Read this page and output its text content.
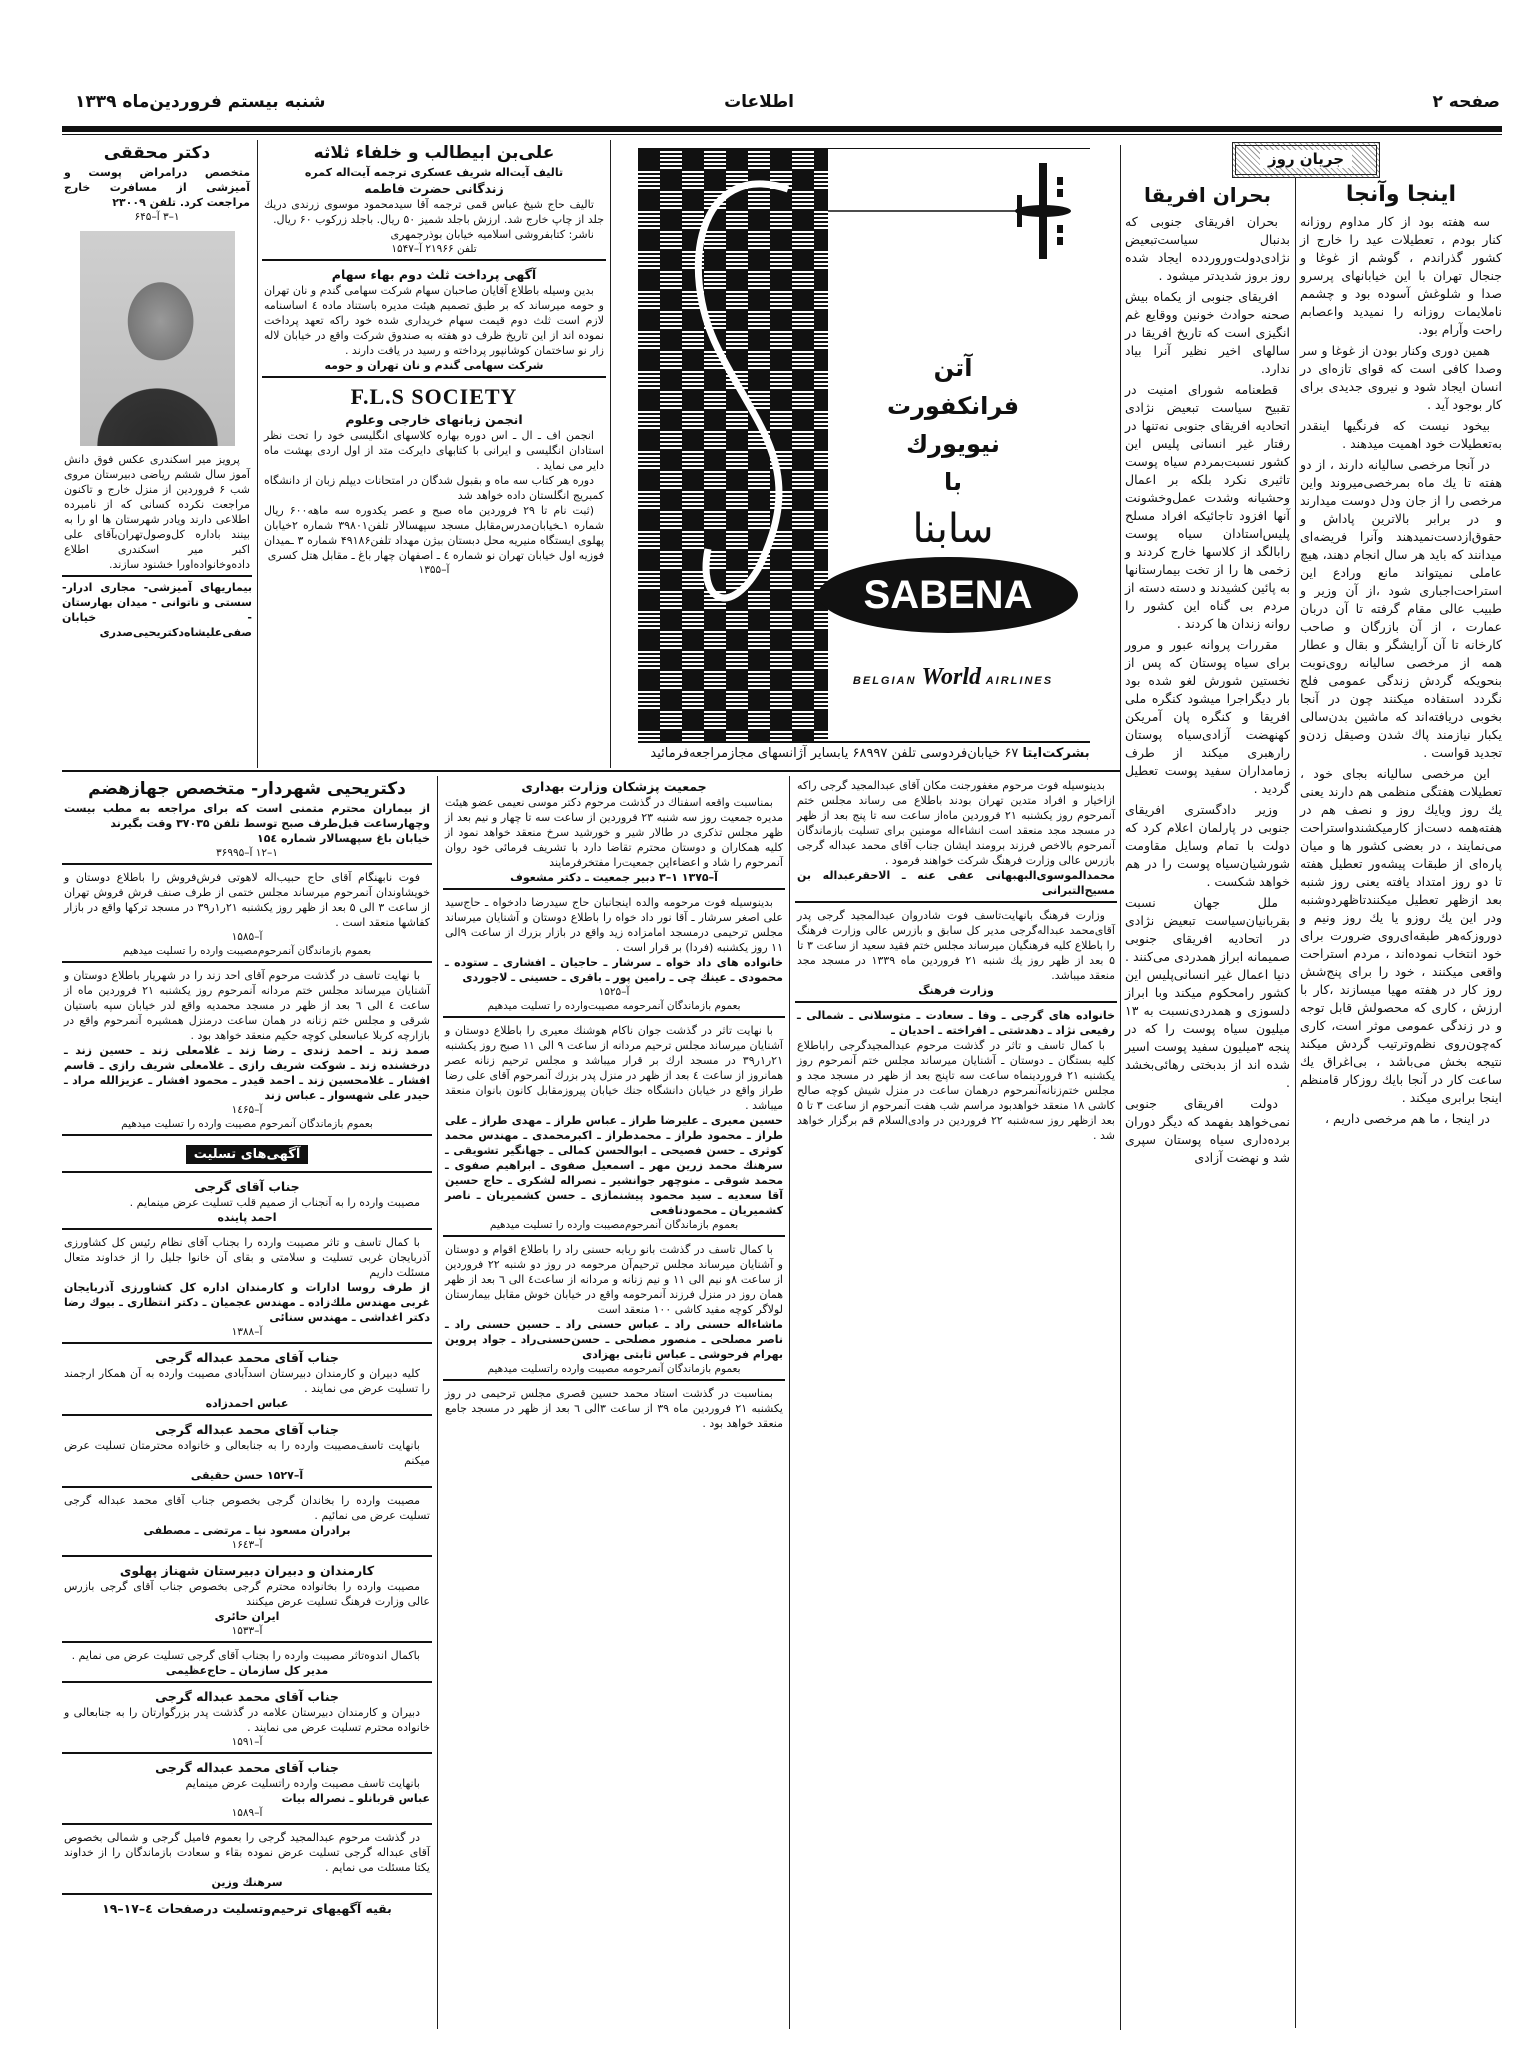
صفحه ۲
اطلاعات
شنبه بیستم فروردین‌ماه ۱۳۳۹
جریان روز
اینجا وآنجا

سه هفته بود از کار مداوم روزانه کنار بودم ، تعطیلات عید را خارج از کشور گذراندم ، گوشم از غوغا و جنجال تهران با این خیابانهای پرسرو صدا و شلوغش آسوده بود و چشمم ناملایمات روزانه را نمیدید واعصابم راحت وآرام بود.

همین دوری وکنار بودن از غوغا و سر وصدا کافی است که قوای تازه‌ای در انسان ایجاد شود و نیروی جدیدی برای کار بوجود آید .

بیخود نیست که فرنگیها اینقدر به‌تعطیلات خود اهمیت میدهند .

در آنجا مرخصی سالیانه دارند ، از دو هفته تا یك ماه بمرخصی‌میروند واین مرخصی را از جان ودل دوست میدارند و در برابر بالاترین پاداش و حقوق‌ازدست‌نمیدهند وآنرا فریضه‌ای میدانند که باید هر سال انجام دهند، هیچ عاملی نمیتواند مانع ورادع این استراحت‌اجباری شود ،از آن وزیر و طبیب عالی مقام گرفته تا آن دربان عمارت ، از آن بازرگان و صاحب کارخانه تا آن آرایشگر و بقال و عطار همه از مرخصی سالیانه روی‌نوبت بنحویکه گردش زندگی عمومی فلج نگردد استفاده میکنند چون در آنجا بخوبی دریافته‌اند که ماشین بدن‌سالی یکبار نیازمند پاك شدن وصیقل زدن‌و تجدید قواست .

این مرخصی سالیانه بجای خود ، تعطیلات هفتگی منظمی هم دارند یعنی یك روز ویایك روز و نصف هم در هفته‌همه دست‌از کارمیکشندواستراحت می‌نمایند ، در بعضی کشور ها و میان پاره‌ای از طبقات پیشه‌ور تعطیل هفته تا دو روز امتداد یافته یعنی روز شنبه بعد ازظهر تعطیل میکنندتاظهردوشنبه ودر این یك روزو یا یك روز ونیم و دوروزکه‌هر طبقه‌ای‌روی ضرورت برای خود انتخاب نموده‌اند ، مردم استراحت واقعی میکنند ، خود را برای پنج‌شش روز کار در هفته مهیا میسازند ،کار با ارزش ، کاری که محصولش قابل توجه و در زندگی عمومی موثر است، کاری که‌چون‌روی نظم‌وترتیب گردش میکند نتیجه بخش می‌باشد ، بی‌اغراق یك ساعت کار در آنجا بایك روزکار قامنظم اینجا برابری میکند .

در اینجا ، ما هم مرخصی داریم ،

بحران افریقا

بحران افریقای جنوبی که بدنبال سیاست‌تبعیض نژادی‌دولت‌وروردده ایجاد شده روز بروز شدیدتر میشود .

افریقای جنوبی از یکماه بیش صحنه حوادث خونین ووقایع غم انگیزی است که تاریخ افریقا در سالهای اخیر نظیر آنرا بیاد ندارد.

قطعنامه شورای امنیت در تقبیح سیاست تبعیض نژادی اتحادیه افریقای جنوبی نه‌تنها در رفتار غیر انسانی پلیس این کشور نسبت‌بمردم سیاه پوست تاثیری نکرد بلکه بر اعمال وحشیانه وشدت عمل‌وخشونت آنها افزود تاجائیکه افراد مسلح پلیس‌استادان سیاه پوست رابالگد از کلاسها خارج کردند و زخمی ها را از تخت بیمارستانها به پائین کشیدند و دسته دسته از مردم بی گناه این کشور را روانه زندان ها کردند .

مقررات پروانه عبور و مرور برای سیاه پوستان که پس از نخستین شورش لغو شده بود بار دیگراجرا میشود کنگره ملی افریقا و کنگره پان آمریکن کهنهضت آزادی‌سیاه پوستان رارهبری میکند از طرف زمامداران سفید پوست تعطیل گردید .

وزیر دادگستری افریقای جنوبی در پارلمان اعلام کرد که دولت با تمام وسایل مقاومت شورشیان‌سیاه پوست را در هم خواهد شکست .

ملل جهان نسبت بقربانیان‌سیاست تبعیض نژادی در اتحادیه افریقای جنوبی صمیمانه ابراز همدردی می‌کنند . دنیا اعمال غیر انسانی‌پلیس این کشور رامحکوم میکند وبا ابراز دلسوزی و همدردی‌نسبت به ۱۳ میلیون سیاه پوست را که در پنجه ۳میلیون سفید پوست اسیر شده اند از بدبختی رهائی‌بخشد .

دولت افریقای جنوبی نمی‌خواهد بفهمد که دیگر دوران برده‌داری سیاه پوستان سپری شد و نهضت آزادی

آتن
فرانکفورت
نیویورك
با
سابنا
SABENA
BELGIAN World AIRLINES
بشرکت‌ایتا ۶۷ خیابان‌فردوسی تلفن ۶۸۹۹۷ یابسایر آژانسهای مجازمراجعه‌فرمائید
علی‌بن ابیطالب و خلفاء ثلاثه
تالیف آیت‌اله شریف عسکری ترجمه آیت‌اله کمره‌
زندگانی حضرت فاطمه
تالیف حاج شیخ عباس قمی ترجمه آقا سیدمحمود موسوی زرندی دریك جلد از چاپ خارج شد. ارزش باجلد شمیز ۵۰ ریال. باجلد زرکوب ۶۰ ریال.
ناشر: کتابفروشی اسلامیه خیابان بوذرجمهری
تلفن ۲۱۹۶۶ آ–۱۵۴۷
آگهی پرداخت ثلث دوم بهاء سهام
بدین وسیله باطلاع آقایان صاحبان سهام شرکت سهامی گندم و نان تهران و حومه میرساند که بر طبق تصمیم هیئت مدیره باستناد ماده ٤ اساسنامه لازم است ثلث دوم قیمت سهام خریداری شده خود راکه تعهد پرداخت نموده اند از این تاریخ ظرف دو هفته به صندوق شرکت واقع در خیابان لاله زار نو ساختمان کوشانپور پرداخته و رسید در یافت دارند .
شرکت سهامی گندم و نان تهران و حومه
F.L.S SOCIETY
انجمن زبانهای خارجی وعلوم
انجمن اف ـ ال ـ اس دوره بهاره کلاسهای انگلیسی خود را تحت نظر استادان انگلیسی و ایرانی با کتابهای دایرکت متد از اول اردی بهشت ماه دایر می نماید .
دوره هر کتاب سه ماه و بقبول شدگان در امتحانات دیپلم زبان از دانشگاه کمبریج انگلستان داده خواهد شد
(ثبت نام تا ۲۹ فروردین ماه صبح و عصر یکدوره سه ماهه۶۰۰ ریال شماره ۱ـخیابان‌مدرس‌مقابل مسجد سپهسالار تلفن۳۹۸۰۱ شماره ۲خیابان پهلوی ایستگاه منیریه محل دبستان بیژن مهداد تلفن۴۹۱۸۶ شماره ۳ ـمیدان فوزیه اول خیابان تهران نو شماره ٤ ـ اصفهان چهار باغ ـ مقابل هتل کسری
آ–۱۳۵۵
دکتر محققی
متخصص درامراض پوست و آمیزشی از مسافرت خارج مراجعت کرد. تلفن ۲۳۰۰۹
۱–۳ آ–۶۴۵
پرویز میر اسکندری عکس فوق دانش آموز سال ششم ریاضی دبیرستان مروی شب ۶ فروردین از منزل خارج و تاکنون مراجعت نکرده کسانی که از نامبرده اطلاعی دارند ویادر شهرستان ها او را به بینند باداره کل‌وصول‌تهران‌بآقای علی اکبر میر اسکندری اطلاع داده‌وخانواده‌اورا خشنود سازند.
بیماریهای آمیزشی- مجاری ادرار- سستی و ناتوانی - میدان بهارستان - خیابان صفی‌علیشاه‌دکتریحیی‌صدری
دکتریحیی شهردار- متخصص جهازهضم
از بیماران محترم متمنی است که برای مراجعه به مطب بیست وچهارساعت قبل‌طرف صبح توسط تلفن ۳۷۰۳۵ وقت بگیرند
خیابان باغ سپهسالار شماره ۱۵٤
۱–۱۲ آ–۳۶۹۹۵
فوت نابهنگام آقای حاج حبیب‌اله لاهوتی فرش‌فروش را باطلاع دوستان و خویشاوندان آنمرحوم میرساند مجلس ختمی از طرف صنف فرش فروش تهران از ساعت ۳ الی ۵ بعد از ظهر روز یکشنبه ۲۱ر۱ر۳۹ در مسجد ترکها واقع در بازار کفاشها منعقد است .
آ–۱۵۸۵
بعموم بازماندگان آنمرحوم‌مصیبت وارده را تسلیت میدهیم
با نهایت تاسف در گذشت مرحوم آقای احد زند را در شهریار باطلاع دوستان و آشنایان میرساند مجلس ختم مردانه آنمرحوم روز یکشنبه ۲۱ فروردین ماه از ساعت ٤ الی ٦ بعد از ظهر در مسجد محمدیه واقع لدر خیابان سپه باستیان شرقی و مجلس ختم زنانه در همان ساعت درمنزل همشیره آنمرحوم واقع در بازارچه کربلا عباسعلی کوچه حکیم منعقد خواهد بود .
صمد زند ـ احمد زندی ـ رضا زند ـ غلامعلی زند ـ حسین زند ـ درخشنده زند ـ شوکت شریف رازی ـ غلامعلی شریف رازی ـ قاسم افشار ـ غلامحسین زند ـ احمد قیدر ـ محمود افشار ـ عزیزالله مراد ـ حیدر علی شهسوار ـ عباس زند
آ–۱٤۶۵
بعموم بازماندگان آنمرحوم مصیبت وارده را تسلیت میدهیم
آگهی‌های تسلیت
جناب آقای گرجی
مصیبت وارده را به آنجناب از صمیم قلب تسلیت عرض مینمایم .
احمد پاینده
با کمال تاسف و تاثر مصیبت وارده را بجناب آقای نظام رئیس کل کشاورزی آذربایجان غربی تسلیت و سلامتی و بقای آن خانوا جلیل را از خداوند متعال مسئلت داریم
از طرف روسا ادارات و کارمندان اداره کل کشاورزی آذربایجان غربی مهندس ملك‌زاده ـ مهندس عجمیان ـ دکتر انتظاری ـ بیوك رضا دکتر اغداشی ـ مهندس سنائی
آ–۱۳۸۸
جناب آقای محمد عبداله گرجی
کلیه دبیران و کارمندان دبیرستان اسدآبادی مصیبت وارده به آن همکار ارجمند را تسلیت عرض می نمایند .
عباس احمدزاده
جناب آقای محمد عبداله گرجی
بانهایت تاسف‌مصیبت وارده را به جنابعالی و خانواده محترمتان تسلیت عرض میکنم
آ–۱۵۲۷ حسن حقیقی
مصیبت وارده را بخاندان گرجی بخصوص جناب آقای محمد عبداله گرجی تسلیت عرض می نمائیم .
برادران مسعود نیا ـ مرتضی ـ مصطفی
آ–۱۶٤۳
کارمندان و دبیران دبیرستان شهناز پهلوی
مصیبت وارده را بخانواده محترم گرجی بخصوص جناب آقای گرجی بازرس عالی وزارت فرهنگ تسلیت عرض میکنند
ایران حائری
آ–۱۵۳۳
باکمال اندوه‌تاثر مصیبت وارده را بجناب آقای گرجی تسلیت عرض می نمایم .
مدیر کل سازمان ـ حاج‌عظیمی
جناب آقای محمد عبداله گرجی
دبیران و کارمندان دبیرستان علامه در گذشت پدر بزرگوارتان را به جنابعالی و خانواده محترم تسلیت عرض می نمایند .
آ–۱۵۹۱
جناب آقای محمد عبداله گرجی
بانهایت تاسف مصیبت وارده راتسلیت عرض مینمایم
عباس قربانلو ـ نصراله بیات
آ–۱۵۸۹
در گذشت مرحوم عبدالمجید گرجی را بعموم فامیل گرجی و شمالی بخصوص آقای عبداله گرجی تسلیت عرض نموده بقاء و سعادت بازماندگان را از خداوند یکتا مسئلت می نمایم .
سرهنك وزین
بقیه آگهیهای ترحیم‌وتسلیت درصفحات ٤–۱۷–۱۹
جمعیت پزشکان وزارت بهداری
بمناسبت واقعه اسفناك در گذشت مرحوم دکتر موسی نعیمی عضو هیئت مدیره جمعیت روز سه شنبه ۲۳ فروردین از ساعت سه تا چهار و نیم بعد از ظهر مجلس تذکری در طالار شیر و خورشید سرخ منعقد خواهد نمود از کلیه همکاران و دوستان محترم تقاضا دارد با تشریف فرمائی خود روان آنمرحوم را شاد و اعضاءاین جمعیت‌را مفتخرفرمایند
آ–۱۳۷۵ ۱–۳ دبیر جمعیت ـ دکتر مشعوف
بدینوسیله فوت مرحومه والده اینجانبان حاج سیدرضا دادخواه ـ حاج‌سید علی اصغر سرشار ـ آقا نور داد خواه را باطلاع دوستان و آشنایان میرساند مجلس ترحیمی درمسجد امامزاده زید واقع در بازار بزرك از ساعت ۹الی ۱۱ روز یکشنبه (فردا) بر قرار است .
خانواده های داد خواه ـ سرشار ـ حاجیان ـ افشاری ـ ستوده ـ محمودی ـ عینك چی ـ رامین پور ـ باقری ـ حسینی ـ لاجوردی
آ–۱۵۲۵
بعموم بازماندگان آنمرحومه مصیبت‌وارده را تسلیت میدهیم
با نهایت تاثر در گذشت جوان ناکام هوشنك معیری را باطلاع دوستان و آشنایان میرساند مجلس ترحیم مردانه از ساعت ۹ الی ۱۱ صبح روز یکشنبه ۲۱ر۱ر۳۹ در مسجد ارك بر قرار میباشد و مجلس ترحیم زنانه عصر همانروز از ساعت ٤ بعد از ظهر در منزل پدر بزرك آنمرحوم آقای علی رضا طراز واقع در خیابان دانشگاه جنك خیابان پیروزمقابل کانون بانوان منعقد میباشد .
حسین معیری ـ علیرضا طراز ـ عباس طراز ـ مهدی طراز ـ علی طراز ـ محمود طراز ـ محمدطراز ـ اکبرمحمدی ـ مهندس محمد کوثری ـ حسن فصیحی ـ ابوالحسن کمالی ـ جهانگیر تشویقی ـ سرهنك محمد زرین مهر ـ اسمعیل صفوی ـ ابراهیم صفوی ـ محمد شوقی ـ منوچهر جوانشیر ـ نصراله لشکری ـ حاج حسین آقا سعدیه ـ سید محمود پیشنمازی ـ حسن کشمیریان ـ ناصر کشمیریان ـ محمودنافعی
بعموم بازماندگان آنمرحوم‌مصیبت وارده را تسلیت میدهیم
با کمال تاسف در گذشت بانو ربابه حسنی راد را باطلاع اقوام و دوستان و آشنایان میرساند مجلس ترحیم‌آن مرحومه در روز دو شنبه ۲۲ فروردین از ساعت ۸و نیم الی ۱۱ و نیم زنانه و مردانه از ساعت٤ الی ٦ بعد از ظهر همان روز در منزل فرزند آنمرحومه واقع در خیابان خوش مقابل بیمارستان لولاگر کوچه مفید کاشی ۱۰۰ منعقد است
ماشاءاله حسنی راد ـ عباس حسنی راد ـ حسین حسنی راد ـ ناصر مصلحی ـ منصور مصلحی ـ حسن‌حسنی‌راد ـ جواد پروین بهرام فرحوشی ـ عباس ثابتی بهزادی
بعموم بازماندگان آنمرحومه مصیبت وارده راتسلیت میدهیم
بمناسبت در گذشت استاد محمد حسین قصری مجلس ترحیمی در روز یکشنبه ۲۱ فروردین ماه ۳۹ از ساعت ۳الی ٦ بعد از ظهر در مسجد جامع منعقد خواهد بود .
بدینوسیله فوت مرحوم مغفورجنت مکان آقای عبدالمجید گرجی راکه ازاخیار و افراد متدین تهران بودند باطلاع می رساند مجلس ختم آنمرحوم روز یکشنبه ۲۱ فروردین ماه‌از ساعت سه تا پنج بعد از ظهر در مسجد مجد منعقد است انشاءاله مومنین برای تسلیت بازماندگان آنمرحوم بالاخص فرزند برومند ایشان جناب آقای محمد عبداله گرجی بازرس عالی وزارت فرهنگ شرکت خواهند فرمود .
محمدالموسوی‌البهبهانی عفی عنه ـ الاحقرعبداله بن مسیح‌التبرانی
وزارت فرهنگ بانهایت‌تاسف فوت شادروان عبدالمجید گرجی پدر آقای‌محمد عبداله‌گرجی مدیر کل سابق و بازرس عالی وزارت فرهنگ را باطلاع کلیه فرهنگیان میرساند مجلس ختم فقید سعید از ساعت ۳ تا ۵ بعد از ظهر روز یك شنبه ۲۱ فروردین ماه ۱۳۳۹ در مسجد مجد منعقد میباشد.
وزارت فرهنگ
خانواده های گرجی ـ وفا ـ سعادت ـ متوسلانی ـ شمالی ـ رفیعی نژاد ـ دهدشتی ـ افراخته ـ احدیان ـ
با کمال تاسف و تاثر در گذشت مرحوم عبدالمجیدگرجی رابا‌طلاع کلیه بستگان ـ دوستان ـ آشنایان میرساند مجلس ختم آنمرحوم روز یکشنبه ۲۱ فروردینماه ساعت سه تاپنج بعد از ظهر در مسجد مجد و مجلس ختم‌زنانه‌آنمرحوم درهمان ساعت در منزل شیش کوچه صالح کاشی ۱۸ منعقد خواهدبود مراسم شب هفت آنمرحوم از ساعت ۳ تا ۵ بعد ازظهر روز سه‌شنبه ۲۲ فروردین در وادی‌السلام قم برگزار خواهد شد .
